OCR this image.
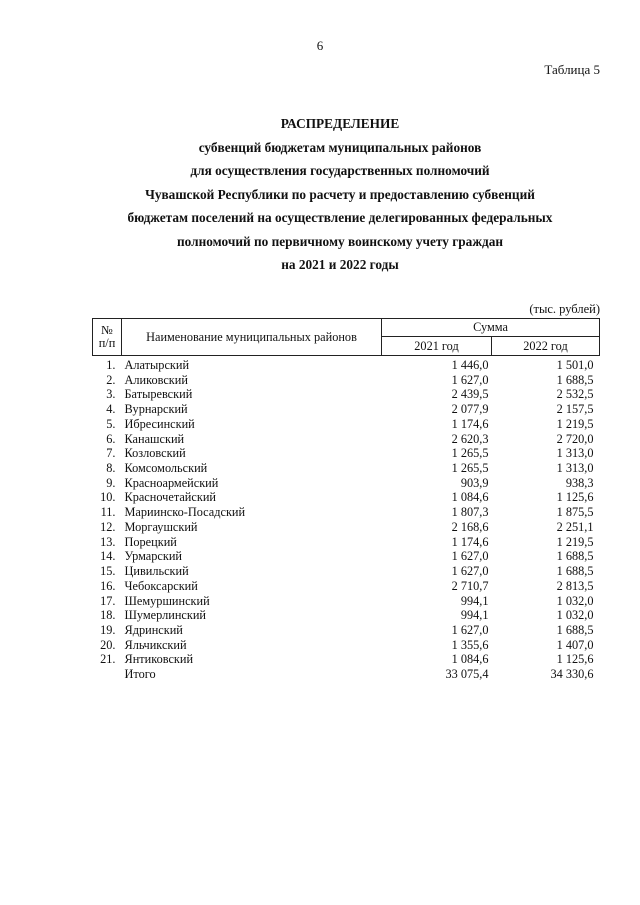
6
Таблица 5
РАСПРЕДЕЛЕНИЕ
субвенций бюджетам муниципальных районов
для осуществления государственных полномочий
Чувашской Республики по расчету и предоставлению субвенций
бюджетам поселений на осуществление делегированных федеральных
полномочий по первичному воинскому учету граждан
на 2021 и 2022 годы
(тыс. рублей)
№
п/п	Наименование муниципальных районов	Сумма	
		2021 год	2022 год
1.	Алатырский	1 446,0	1 501,0
2.	Аликовский	1 627,0	1 688,5
3.	Батыревский	2 439,5	2 532,5
4.	Вурнарский	2 077,9	2 157,5
5.	Ибресинский	1 174,6	1 219,5
6.	Канашский	2 620,3	2 720,0
7.	Козловский	1 265,5	1 313,0
8.	Комсомольский	1 265,5	1 313,0
9.	Красноармейский	903,9	938,3
10.	Красночетайский	1 084,6	1 125,6
11.	Мариинско-Посадский	1 807,3	1 875,5
12.	Моргаушский	2 168,6	2 251,1
13.	Порецкий	1 174,6	1 219,5
14.	Урмарский	1 627,0	1 688,5
15.	Цивильский	1 627,0	1 688,5
16.	Чебоксарский	2 710,7	2 813,5
17.	Шемуршинский	994,1	1 032,0
18.	Шумерлинский	994,1	1 032,0
19.	Ядринский	1 627,0	1 688,5
20.	Яльчикский	1 355,6	1 407,0
21.	Янтиковский	1 084,6	1 125,6
	Итого	33 075,4	34 330,6
